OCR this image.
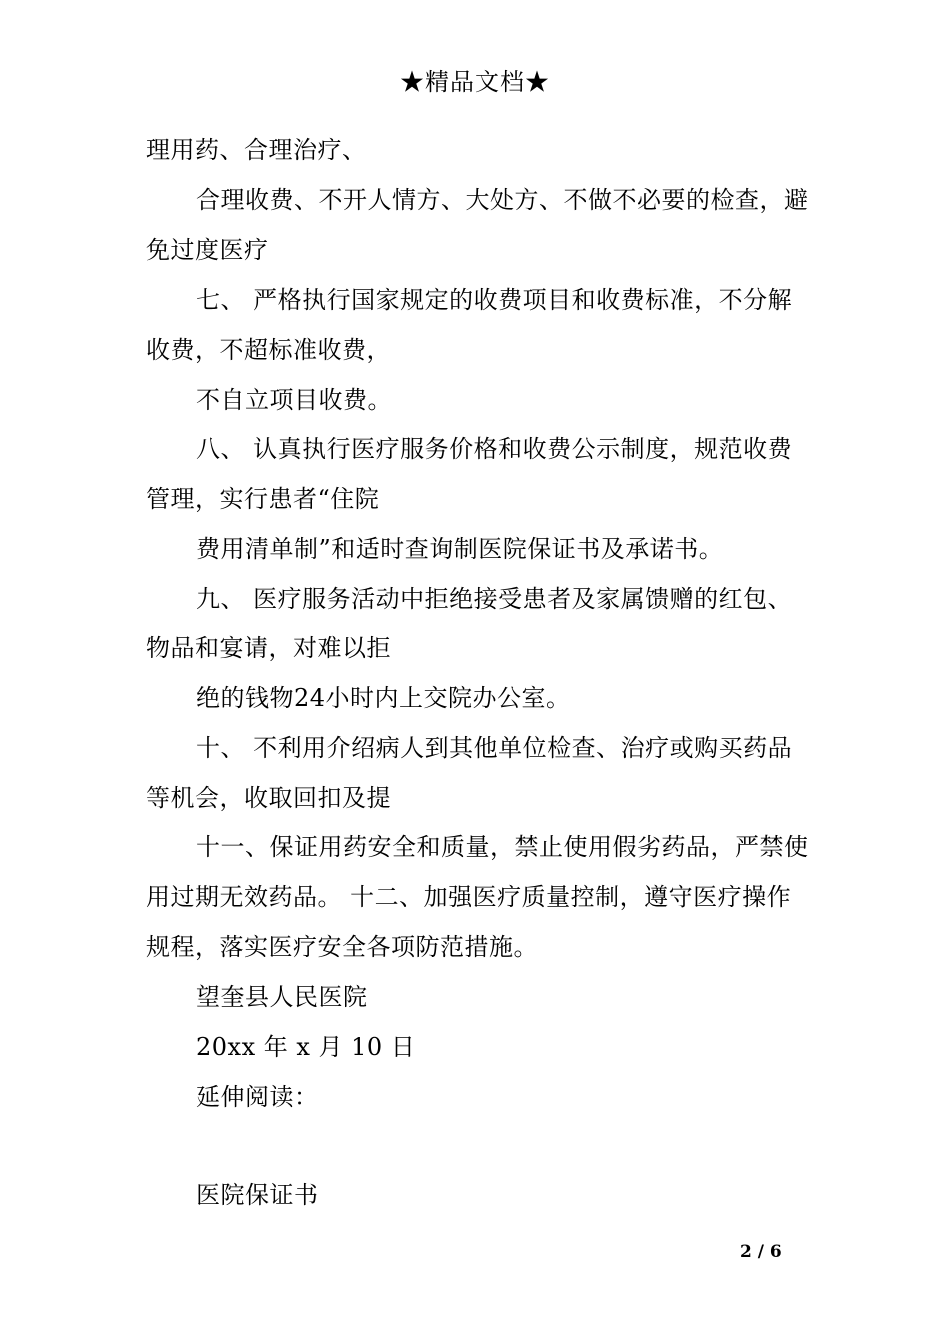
★精品文档★
理用药、合理治疗、
合理收费、不开人情方、大处方、不做不必要的检查，避
免过度医疗
七、 严格执行国家规定的收费项目和收费标准，不分解
收费，不超标准收费，
不自立项目收费。
八、 认真执行医疗服务价格和收费公示制度，规范收费
管理，实行患者“住院
费用清单制”和适时查询制医院保证书及承诺书。
九、 医疗服务活动中拒绝接受患者及家属馈赠的红包、
物品和宴请，对难以拒
绝的钱物24小时内上交院办公室。
十、 不利用介绍病人到其他单位检查、治疗或购买药品
等机会，收取回扣及提
十一、保证用药安全和质量，禁止使用假劣药品，严禁使
用过期无效药品。 十二、加强医疗质量控制，遵守医疗操作
规程，落实医疗安全各项防范措施。
望奎县人民医院
20xx 年 x 月 10 日
延伸阅读：
医院保证书
2 / 6
